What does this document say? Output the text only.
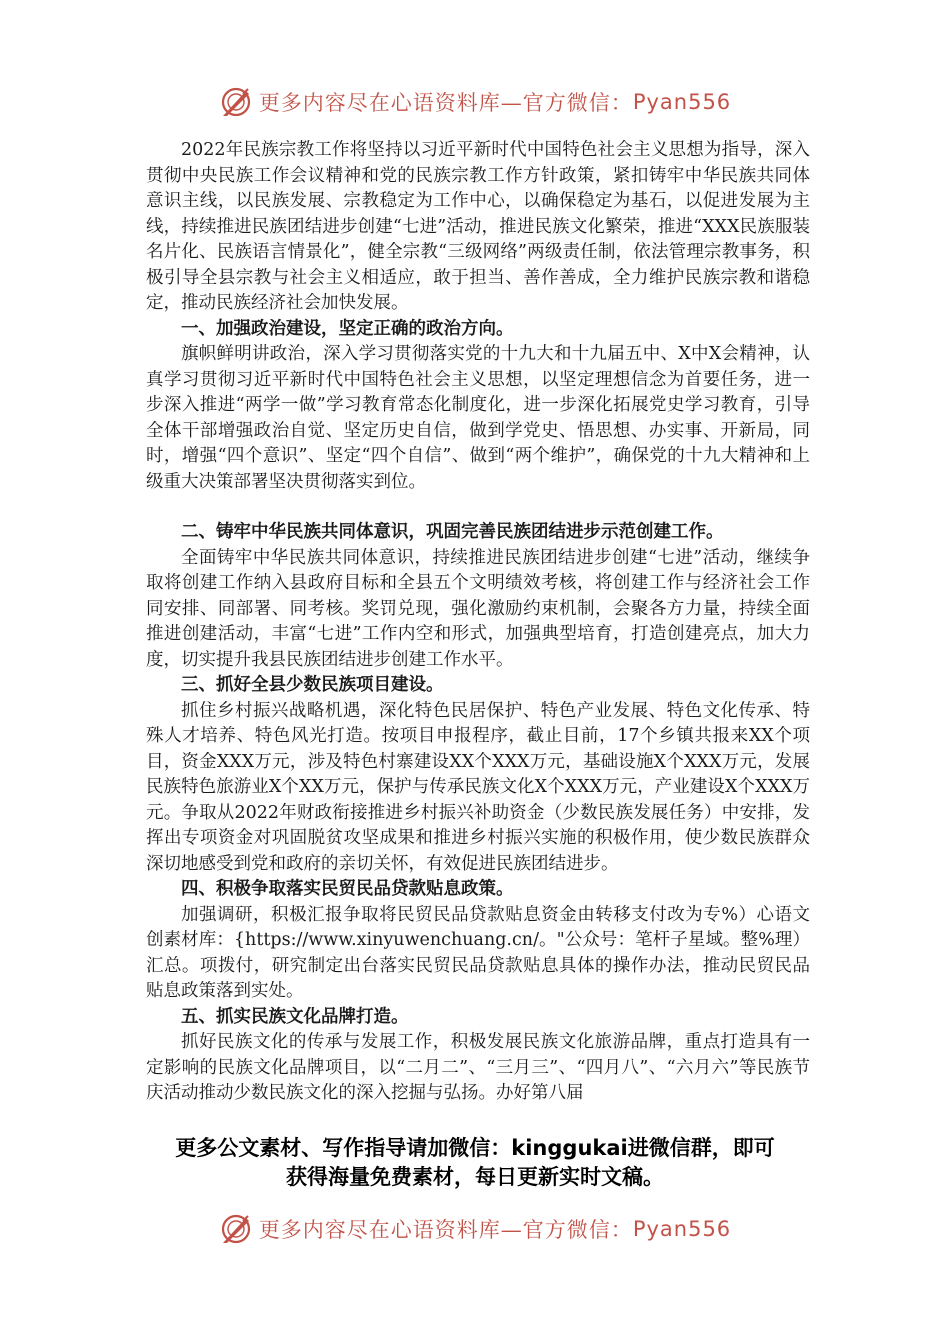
更多内容尽在心语资料库—官方微信： Pyan556

2022年民族宗教工作将坚持以习近平新时代中国特色社会主义思想为指导，深入贯彻中央民族工作会议精神和党的民族宗教工作方针政策，紧扣铸牢中华民族共同体意识主线，以民族发展、宗教稳定为工作中心，以确保稳定为基石，以促进发展为主线，持续推进民族团结进步创建“七进”活动，推进民族文化繁荣，推进“XXX民族服装名片化、民族语言情景化”，健全宗教“三级网络”两级责任制，依法管理宗教事务，积极引导全县宗教与社会主义相适应，敢于担当、善作善成，全力维护民族宗教和谐稳定，推动民族经济社会加快发展。

一、加强政治建设，坚定正确的政治方向。

旗帜鲜明讲政治，深入学习贯彻落实党的十九大和十九届五中、X中X会精神，认真学习贯彻习近平新时代中国特色社会主义思想，以坚定理想信念为首要任务，进一步深入推进“两学一做”学习教育常态化制度化，进一步深化拓展党史学习教育，引导全体干部增强政治自觉、坚定历史自信，做到学党史、悟思想、办实事、开新局，同时，增强“四个意识”、坚定“四个自信”、做到“两个维护”，确保党的十九大精神和上级重大决策部署坚决贯彻落实到位。

二、铸牢中华民族共同体意识，巩固完善民族团结进步示范创建工作。

全面铸牢中华民族共同体意识，持续推进民族团结进步创建“七进”活动，继续争取将创建工作纳入县政府目标和全县五个文明绩效考核，将创建工作与经济社会工作同安排、同部署、同考核。奖罚兑现，强化激励约束机制，会聚各方力量，持续全面推进创建活动，丰富“七进”工作内空和形式，加强典型培育，打造创建亮点，加大力度，切实提升我县民族团结进步创建工作水平。

三、抓好全县少数民族项目建设。

抓住乡村振兴战略机遇，深化特色民居保护、特色产业发展、特色文化传承、特殊人才培养、特色风光打造。按项目申报程序，截止目前，17个乡镇共报来XX个项目，资金XXX万元，涉及特色村寨建设XX个XXX万元，基础设施X个XXX万元，发展民族特色旅游业X个XX万元，保护与传承民族文化X个XXX万元，产业建设X个XXX万元。争取从2022年财政衔接推进乡村振兴补助资金（少数民族发展任务）中安排，发挥出专项资金对巩固脱贫攻坚成果和推进乡村振兴实施的积极作用，使少数民族群众深切地感受到党和政府的亲切关怀，有效促进民族团结进步。

四、积极争取落实民贸民品贷款贴息政策。

加强调研，积极汇报争取将民贸民品贷款贴息资金由转移支付改为专%）心语文创素材库：{https://www.xinyuwenchuang.cn/。"公众号：笔杆子星域。整%理）汇总。项拨付，研究制定出台落实民贸民品贷款贴息具体的操作办法，推动民贸民品贴息政策落到实处。

五、抓实民族文化品牌打造。

抓好民族文化的传承与发展工作，积极发展民族文化旅游品牌，重点打造具有一定影响的民族文化品牌项目，以“二月二”、“三月三”、“四月八”、“六月六”等民族节庆活动推动少数民族文化的深入挖掘与弘扬。办好第八届

更多公文素材、写作指导请加微信：kinggukai进微信群，即可
获得海量免费素材，每日更新实时文稿。
更多内容尽在心语资料库—官方微信： Pyan556
